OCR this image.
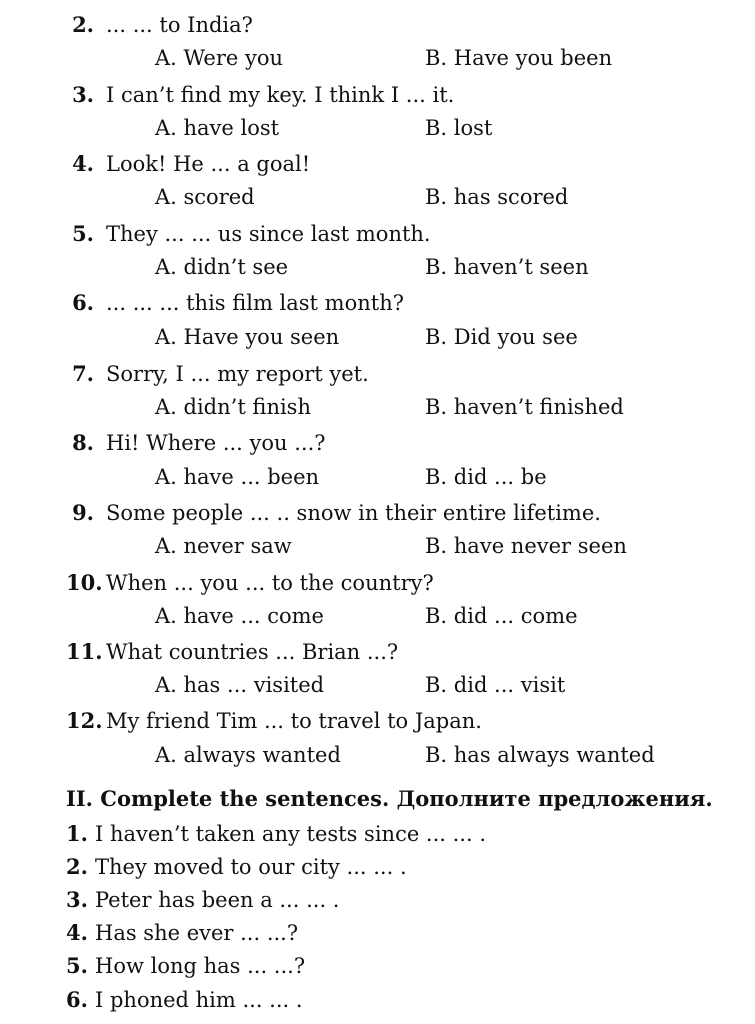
2. ... ... to India?
A. Were you	B. Have you been
3. I can’t find my key. I think I ... it.
A. have lost	B. lost
4. Look! He ... a goal!
A. scored	B. has scored
5. They ... ... us since last month.
A. didn’t see	B. haven’t seen
6. ... ... ... this film last month?
A. Have you seen	B. Did you see
7. Sorry, I ... my report yet.
A. didn’t finish	B. haven’t finished
8. Hi! Where ... you ...?
A. have ... been	B. did ... be
9. Some people ... .. snow in their entire lifetime.
A. never saw	B. have never seen
10. When ... you ... to the country?
A. have ... come	B. did ... come
11. What countries ... Brian ...?
A. has ... visited	B. did ... visit
12. My friend Tim ... to travel to Japan.
A. always wanted	B. has always wanted
II. Complete the sentences. Дополните предложения.
1. I haven’t taken any tests since ... ... .
2. They moved to our city ... ... .
3. Peter has been a ... ... .
4. Has she ever ... ...?
5. How long has ... ...?
6. I phoned him ... ... .
